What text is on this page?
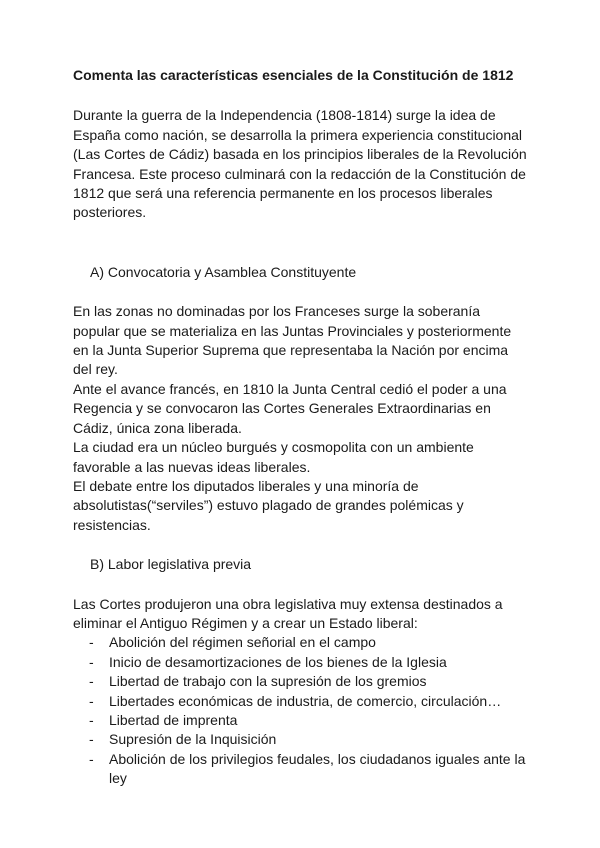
Comenta las características esenciales de la Constitución de 1812

Durante la guerra de la Independencia (1808-1814) surge la idea de España como nación, se desarrolla la primera experiencia constitucional (Las Cortes de Cádiz) basada en los principios liberales de la Revolución Francesa. Este proceso culminará con la redacción de la Constitución de 1812 que será una referencia permanente en los procesos liberales posteriores.

A) Convocatoria y Asamblea Constituyente

En las zonas no dominadas por los Franceses surge la soberanía popular que se materializa en las Juntas Provinciales y posteriormente en la Junta Superior Suprema que representaba la Nación por encima del rey.

Ante el avance francés, en 1810 la Junta Central cedió el poder a una Regencia y se convocaron las Cortes Generales Extraordinarias en Cádiz, única zona liberada.

La ciudad era un núcleo burgués y cosmopolita con un ambiente favorable a las nuevas ideas liberales.

El debate entre los diputados liberales y una minoría de absolutistas(“serviles”) estuvo plagado de grandes polémicas y resistencias.

B) Labor legislativa previa

Las Cortes produjeron una obra legislativa muy extensa destinados a eliminar el Antiguo Régimen y a crear un Estado liberal:

- Abolición del régimen señorial en el campo
- Inicio de desamortizaciones de los bienes de la Iglesia
- Libertad de trabajo con la supresión de los gremios
- Libertades económicas de industria, de comercio, circulación…
- Libertad de imprenta
- Supresión de la Inquisición
- Abolición de los privilegios feudales, los ciudadanos iguales ante la ley
